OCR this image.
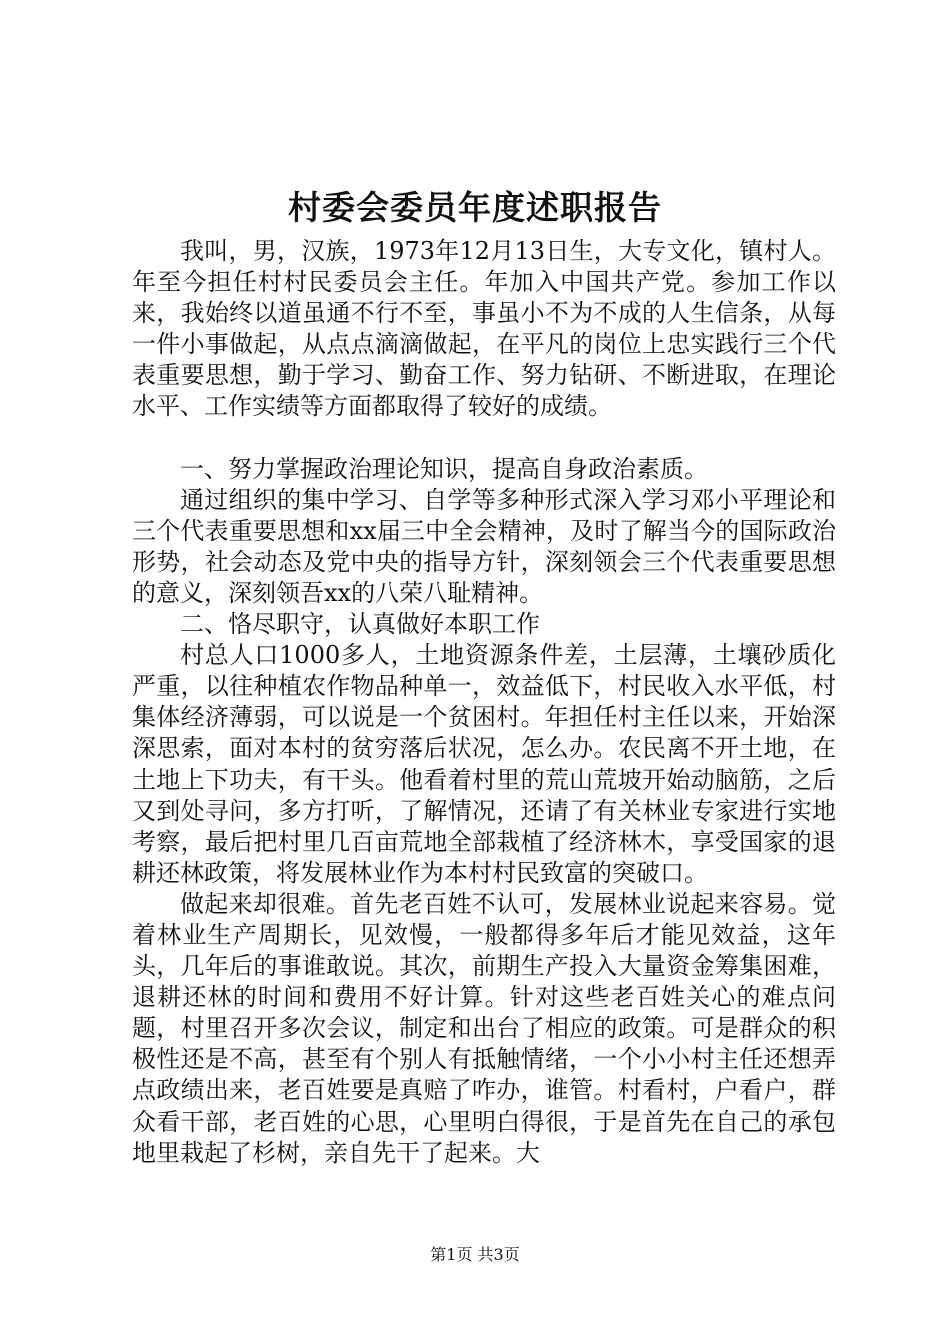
村委会委员年度述职报告

我叫，男，汉族，1973年12月13日生，大专文化，镇村人。年至今担任村村民委员会主任。年加入中国共产党。参加工作以来，我始终以道虽通不行不至，事虽小不为不成的人生信条，从每一件小事做起，从点点滴滴做起，在平凡的岗位上忠实践行三个代表重要思想，勤于学习、勤奋工作、努力钻研、不断进取，在理论水平、工作实绩等方面都取得了较好的成绩。

一、努力掌握政治理论知识，提高自身政治素质。

通过组织的集中学习、自学等多种形式深入学习邓小平理论和三个代表重要思想和xx届三中全会精神，及时了解当今的国际政治形势，社会动态及党中央的指导方针，深刻领会三个代表重要思想的意义，深刻领吾xx的八荣八耻精神。

二、恪尽职守，认真做好本职工作

村总人口1000多人，土地资源条件差，土层薄，土壤砂质化严重，以往种植农作物品种单一，效益低下，村民收入水平低，村集体经济薄弱，可以说是一个贫困村。年担任村主任以来，开始深深思索，面对本村的贫穷落后状况，怎么办。农民离不开土地，在土地上下功夫，有干头。他看着村里的荒山荒坡开始动脑筋，之后又到处寻问，多方打听，了解情况，还请了有关林业专家进行实地考察，最后把村里几百亩荒地全部栽植了经济林木，享受国家的退耕还林政策，将发展林业作为本村村民致富的突破口。

做起来却很难。首先老百姓不认可，发展林业说起来容易。觉着林业生产周期长，见效慢，一般都得多年后才能见效益，这年头，几年后的事谁敢说。其次，前期生产投入大量资金筹集困难，退耕还林的时间和费用不好计算。针对这些老百姓关心的难点问题，村里召开多次会议，制定和出台了相应的政策。可是群众的积极性还是不高，甚至有个别人有抵触情绪，一个小小村主任还想弄点政绩出来，老百姓要是真赔了咋办，谁管。村看村，户看户，群众看干部，老百姓的心思，心里明白得很，于是首先在自己的承包地里栽起了杉树，亲自先干了起来。大

第1页 共3页
